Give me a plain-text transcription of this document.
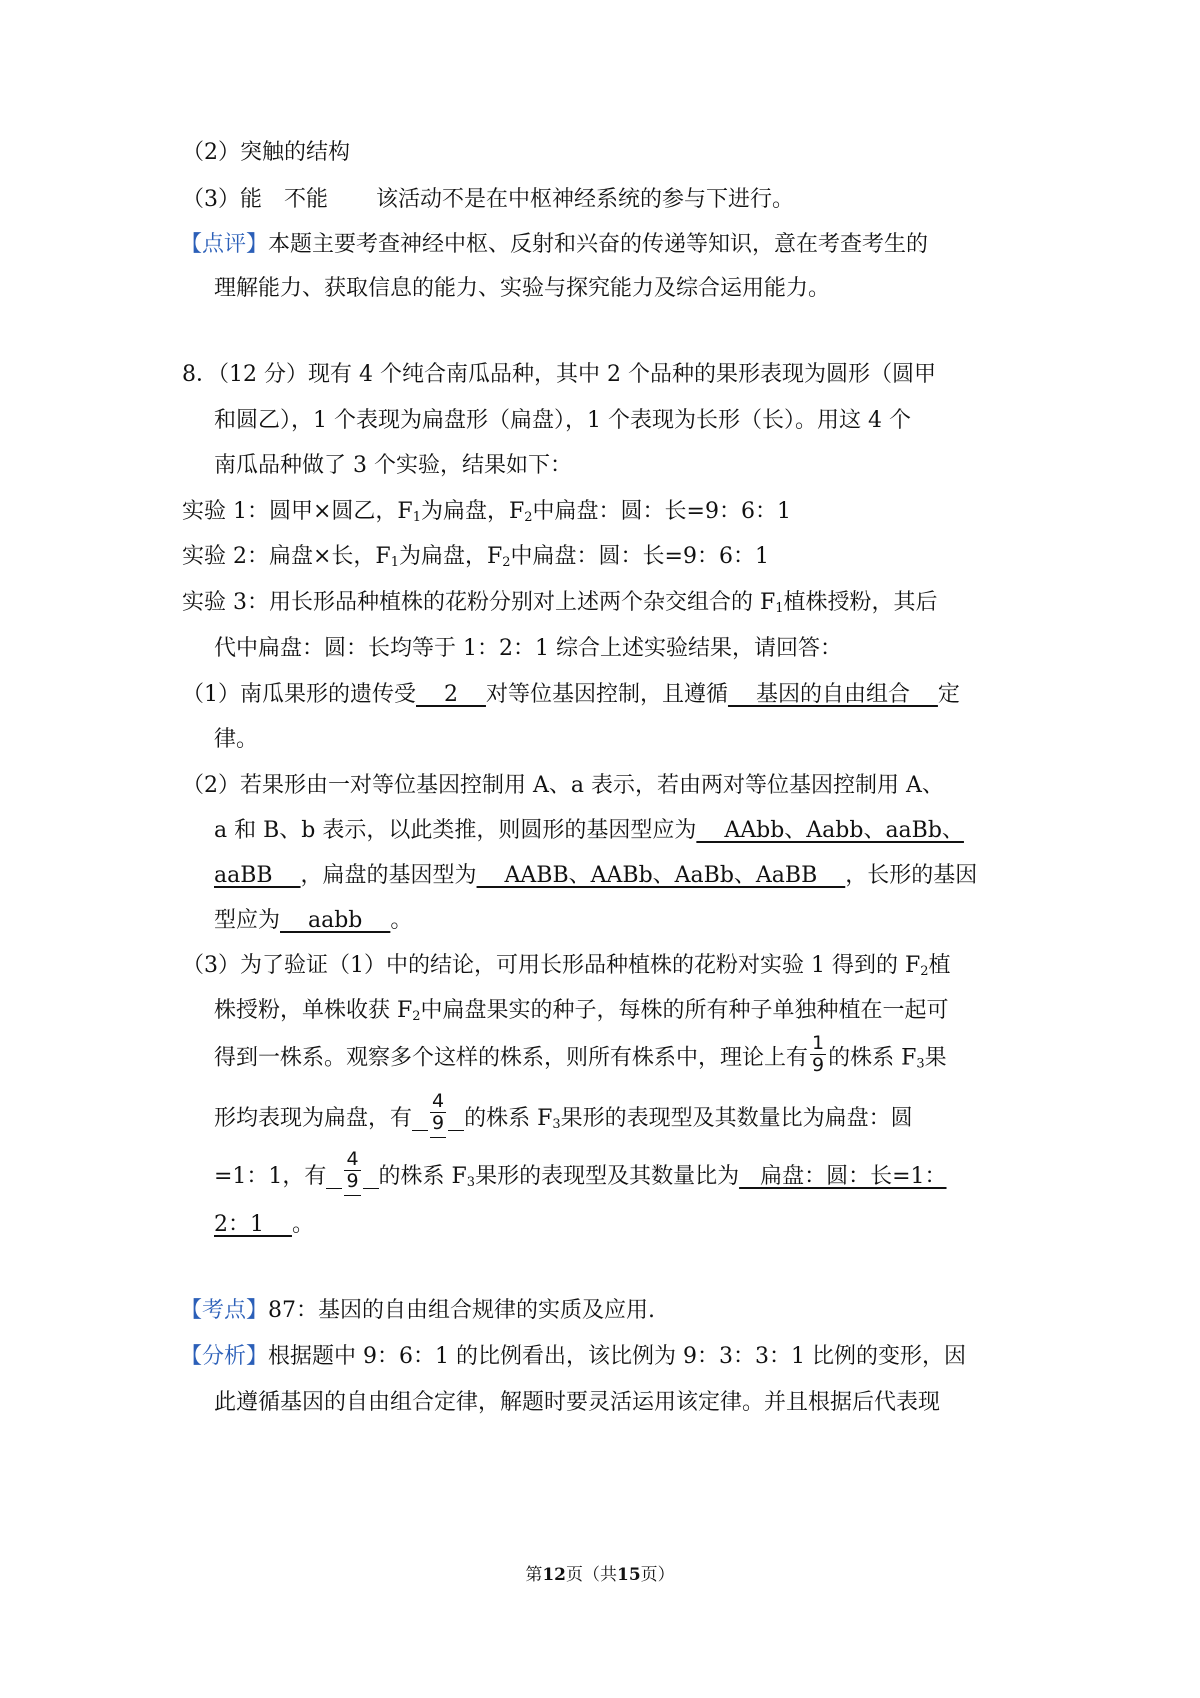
（2）突触的结构
（3）能 不能 该活动不是在中枢神经系统的参与下进行。
【点评】本题主要考查神经中枢、反射和兴奋的传递等知识，意在考查考生的
理解能力、获取信息的能力、实验与探究能力及综合运用能力。
8．（12 分）现有 4 个纯合南瓜品种，其中 2 个品种的果形表现为圆形（圆甲
和圆乙），1 个表现为扁盘形（扁盘），1 个表现为长形（长）。用这 4 个
南瓜品种做了 3 个实验，结果如下：
实验 1：圆甲×圆乙，$F_1$为扁盘，$F_2$中扁盘：圆：长=9：6：1
实验 2：扁盘×长，$F_1$为扁盘，$F_2$中扁盘：圆：长=9：6：1
实验 3：用长形品种植株的花粉分别对上述两个杂交组合的 $F_1$植株授粉，其后
代中扁盘：圆：长均等于 1：2：1 综合上述实验结果，请回答：
（1）南瓜果形的遗传受    2    对等位基因控制，且遵循    基因的自由组合    定
律。
（2）若果形由一对等位基因控制用 A、a 表示，若由两对等位基因控制用 A、
a 和 B、b 表示，以此类推，则圆形的基因型应为    AAbb、Aabb、aaBb、
aaBB    ，扁盘的基因型为    AABB、AABb、AaBb、AaBB    ，长形的基因
型应为    aabb    。
（3）为了验证（1）中的结论，可用长形品种植株的花粉对实验 1 得到的 $F_2$植
株授粉，单株收获 $F_2$中扁盘果实的种子，每株的所有种子单独种植在一起可
得到一株系。观察多个这样的株系，则所有株系中，理论上有 $\frac{1}{9}$ 的株系 $F_3$果
形均表现为扁盘，有 $\frac{4}{9}$ 的株系 $F_3$果形的表现型及其数量比为扁盘：圆
=1：1，有 $\frac{4}{9}$ 的株系 $F_3$果形的表现型及其数量比为   扁盘：圆：长=1：
2：1    。
【考点】87：基因的自由组合规律的实质及应用.
【分析】根据题中 9：6：1 的比例看出，该比例为 9：3：3：1 比例的变形，因
此遵循基因的自由组合定律，解题时要灵活运用该定律。并且根据后代表现
第12页（共15页）
